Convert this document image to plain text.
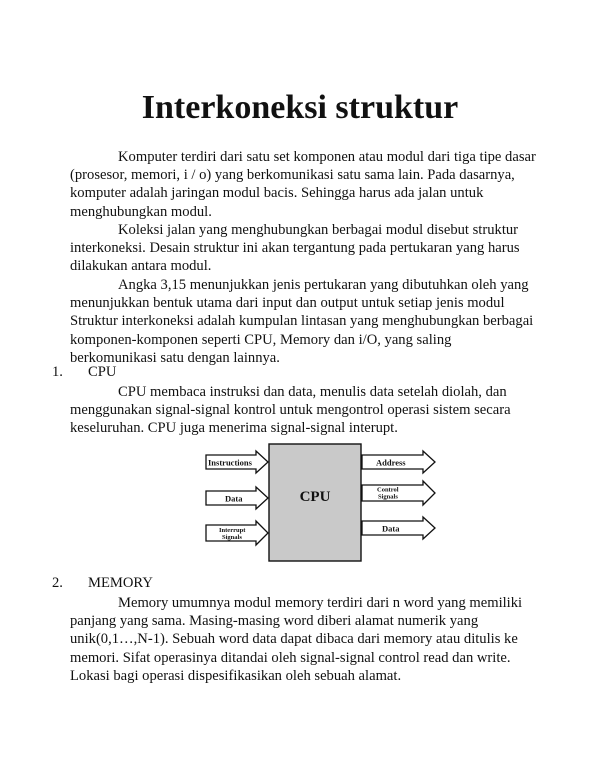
Interkoneksi struktur

Komputer terdiri dari satu set komponen atau modul dari tiga tipe dasar (prosesor, memori, i / o) yang berkomunikasi satu sama lain. Pada dasarnya, komputer adalah jaringan modul bacis. Sehingga harus ada jalan untuk menghubungkan modul.

Koleksi jalan yang menghubungkan berbagai modul disebut struktur interkoneksi. Desain struktur ini akan tergantung pada pertukaran yang harus dilakukan antara modul.

Angka 3,15 menunjukkan jenis pertukaran yang dibutuhkan oleh yang menunjukkan bentuk utama dari input dan output untuk setiap jenis modul Struktur interkoneksi adalah kumpulan lintasan yang menghubungkan berbagai komponen-komponen seperti CPU, Memory dan i/O, yang saling berkomunikasi satu dengan lainnya.

1. CPU

CPU membaca instruksi dan data, menulis data setelah diolah, dan menggunakan signal-signal kontrol untuk mengontrol operasi sistem secara keseluruhan. CPU juga menerima signal-signal interupt.

CPU
Instructions
Data
Interrupt
Signals
Address
Control
Signals
Data
2. MEMORY

Memory umumnya modul memory terdiri dari n word yang memiliki panjang yang sama. Masing-masing word diberi alamat numerik yang unik(0,1…,N-1). Sebuah word data dapat dibaca dari memory atau ditulis ke memori. Sifat operasinya ditandai oleh signal-signal control read dan write. Lokasi bagi operasi dispesifikasikan oleh sebuah alamat.
